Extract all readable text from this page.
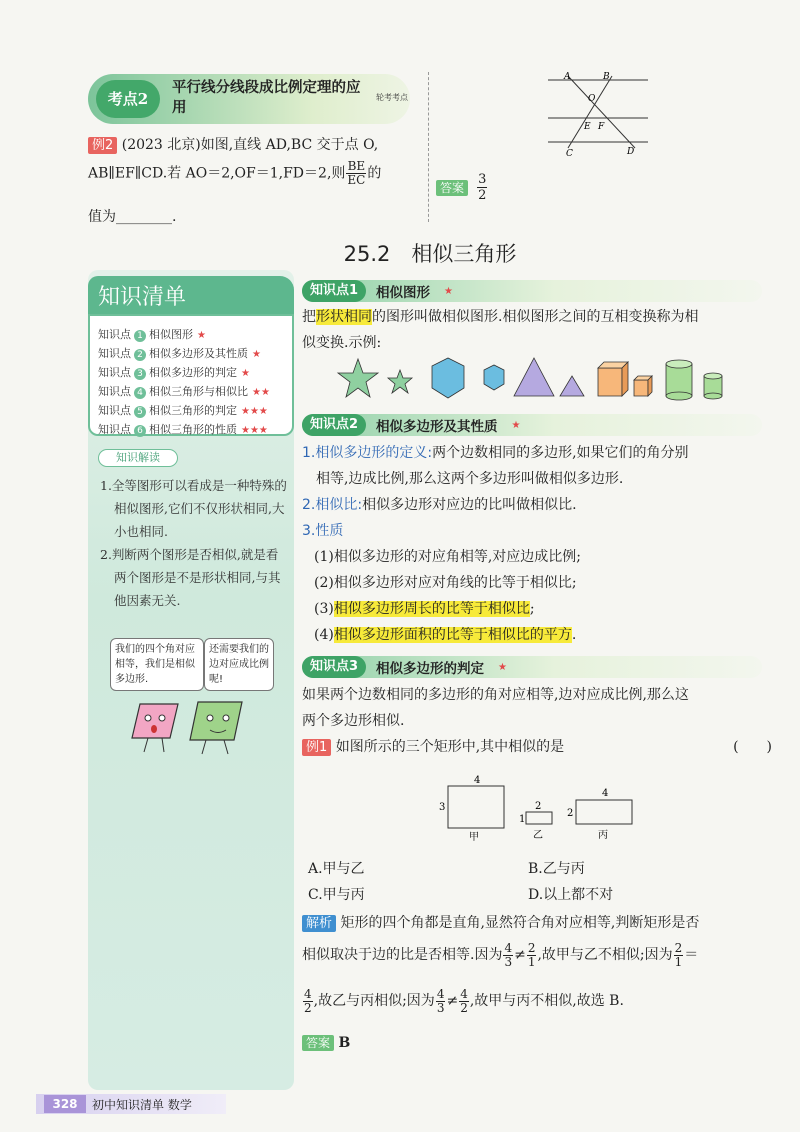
考点2
平行线分线段成比例定理的应用
轮考考点
例2 (2023 北京)如图,直线 AD,BC 交于点 O,
AB∥EF∥CD.若 AO＝2,OF＝1,FD＝2,则 $\frac{BE}{EC}$ 的
值为________.
A	B
O
E F
C	D
答案 $\frac{3}{2}$
25.2　相似三角形
知识清单
知识点 1 相似图形 ★
知识点 2 相似多边形及其性质 ★
知识点 3 相似多边形的判定 ★
知识点 4 相似三角形与相似比 ★★
知识点 5 相似三角形的判定 ★★★
知识点 6 相似三角形的性质 ★★★
知识解读
1.全等图形可以看成是一种特殊的相似图形,它们不仅形状相同,大小也相同.
2.判断两个图形是否相似,就是看两个图形是不是形状相同,与其他因素无关.
我们的四个角对应相等，我们是相似多边形.
还需要我们的边对应成比例呢!
知识点1	相似图形 ★
把形状相同的图形叫做相似图形.相似图形之间的互相变换称为相
似变换.示例:
知识点2	相似多边形及其性质 ★
1.相似多边形的定义:两个边数相同的多边形,如果它们的角分别
相等,边成比例,那么这两个多边形叫做相似多边形.
2.相似比:相似多边形对应边的比叫做相似比.
3.性质
(1)相似多边形的对应角相等,对应边成比例;
(2)相似多边形对应对角线的比等于相似比;
(3)相似多边形周长的比等于相似比;
(4)相似多边形面积的比等于相似比的平方.
知识点3	相似多边形的判定 ★
如果两个边数相同的多边形的角对应相等,边对应成比例,那么这
两个多边形相似.
例1 如图所示的三个矩形中,其中相似的是	(　　)
4
3
甲
2
1
乙
4
2
丙
A.甲与乙	B.乙与丙
C.甲与丙	D.以上都不对
解析 矩形的四个角都是直角,显然符合角对应相等,判断矩形是否
相似取决于边的比是否相等.因为 $\frac{4}{3} \ne \frac{2}{1}$ ,故甲与乙不相似;因为 $\frac{2}{1}$ ＝
$\frac{4}{2}$ ,故乙与丙相似;因为 $\frac{4}{3} \ne \frac{4}{2}$ ,故甲与丙不相似,故选 B.
答案 B
328	初中知识清单 数学
